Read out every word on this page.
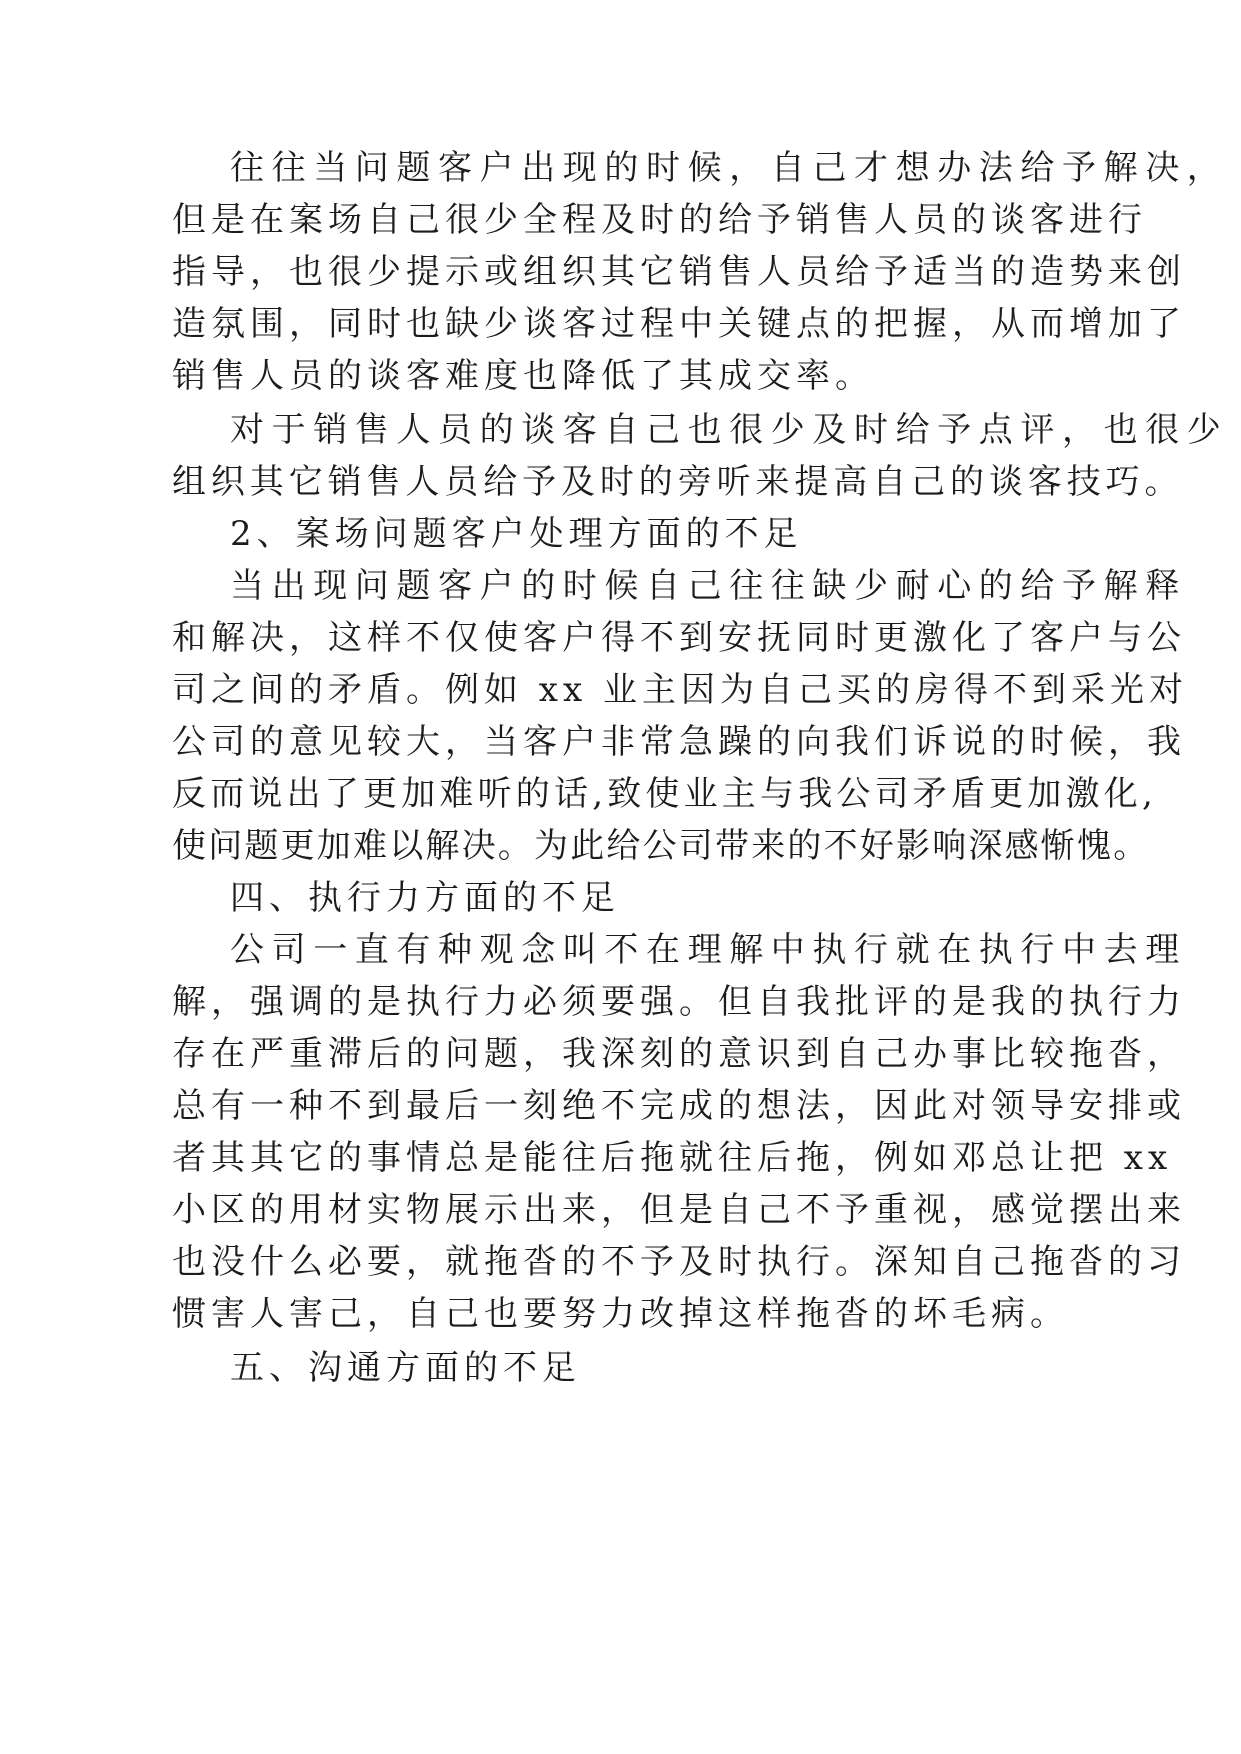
往往当问题客户出现的时候，自己才想办法给予解决，

但是在案场自己很少全程及时的给予销售人员的谈客进行

指导，也很少提示或组织其它销售人员给予适当的造势来创

造氛围，同时也缺少谈客过程中关键点的把握，从而增加了

销售人员的谈客难度也降低了其成交率。

对于销售人员的谈客自己也很少及时给予点评，也很少

组织其它销售人员给予及时的旁听来提高自己的谈客技巧。

2、案场问题客户处理方面的不足

当出现问题客户的时候自己往往缺少耐心的给予解释

和解决，这样不仅使客户得不到安抚同时更激化了客户与公

司之间的矛盾。例如 xx 业主因为自己买的房得不到采光对

公司的意见较大，当客户非常急躁的向我们诉说的时候，我

反而说出了更加难听的话,致使业主与我公司矛盾更加激化,

使问题更加难以解决。为此给公司带来的不好影响深感惭愧。

四、执行力方面的不足

公司一直有种观念叫不在理解中执行就在执行中去理

解，强调的是执行力必须要强。但自我批评的是我的执行力

存在严重滞后的问题，我深刻的意识到自己办事比较拖沓，

总有一种不到最后一刻绝不完成的想法，因此对领导安排或

者其其它的事情总是能往后拖就往后拖，例如邓总让把 xx

小区的用材实物展示出来，但是自己不予重视，感觉摆出来

也没什么必要，就拖沓的不予及时执行。深知自己拖沓的习

惯害人害己，自己也要努力改掉这样拖沓的坏毛病。

五、沟通方面的不足
